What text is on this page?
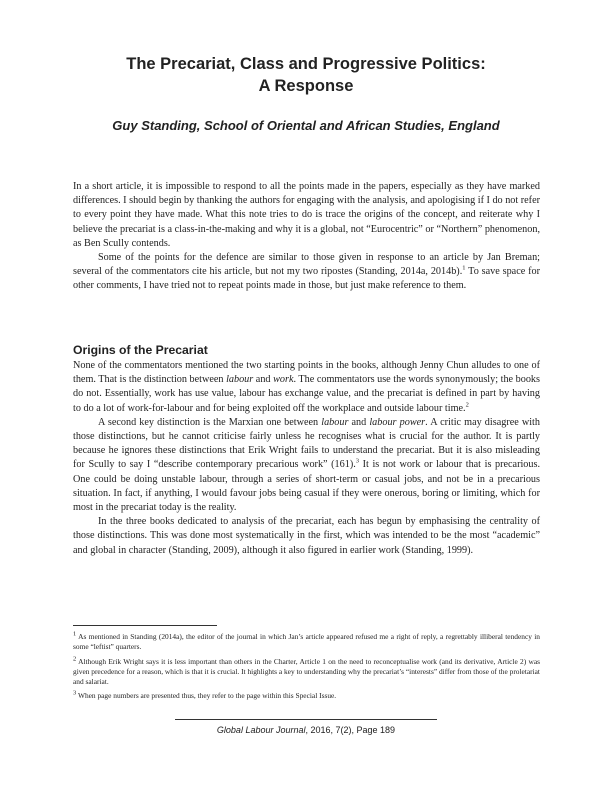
The Precariat, Class and Progressive Politics:
A Response
Guy Standing, School of Oriental and African Studies, England

In a short article, it is impossible to respond to all the points made in the papers, especially as they have marked differences. I should begin by thanking the authors for engaging with the analysis, and apologising if I do not refer to every point they have made. What this note tries to do is trace the origins of the concept, and reiterate why I believe the precariat is a class-in-the-making and why it is a global, not “Eurocentric” or “Northern” phenomenon, as Ben Scully contends.

Some of the points for the defence are similar to those given in response to an article by Jan Breman; several of the commentators cite his article, but not my two ripostes (Standing, 2014a, 2014b).$^1$ To save space for other comments, I have tried not to repeat points made in those, but just make reference to them.

Origins of the Precariat

None of the commentators mentioned the two starting points in the books, although Jenny Chun alludes to one of them. That is the distinction between labour and work. The commentators use the words synonymously; the books do not. Essentially, work has use value, labour has exchange value, and the precariat is defined in part by having to do a lot of work-for-labour and for being exploited off the workplace and outside labour time.$^2$

A second key distinction is the Marxian one between labour and labour power. A critic may disagree with those distinctions, but he cannot criticise fairly unless he recognises what is crucial for the author. It is partly because he ignores these distinctions that Erik Wright fails to understand the precariat. But it is also misleading for Scully to say I “describe contemporary precarious work” (161).$^3$ It is not work or labour that is precarious. One could be doing unstable labour, through a series of short-term or casual jobs, and not be in a precarious situation. In fact, if anything, I would favour jobs being casual if they were onerous, boring or limiting, which for most in the precariat today is the reality.

In the three books dedicated to analysis of the precariat, each has begun by emphasising the centrality of those distinctions. This was done most systematically in the first, which was intended to be the most “academic” and global in character (Standing, 2009), although it also figured in earlier work (Standing, 1999).

$^1$ As mentioned in Standing (2014a), the editor of the journal in which Jan’s article appeared refused me a right of reply, a regrettably illiberal tendency in some “leftist” quarters.

$^2$ Although Erik Wright says it is less important than others in the Charter, Article 1 on the need to reconceptualise work (and its derivative, Article 2) was given precedence for a reason, which is that it is crucial. It highlights a key to understanding why the precariat’s “interests” differ from those of the proletariat and salariat.

$^3$ When page numbers are presented thus, they refer to the page within this Special Issue.

Global Labour Journal, 2016, 7(2), Page 189
